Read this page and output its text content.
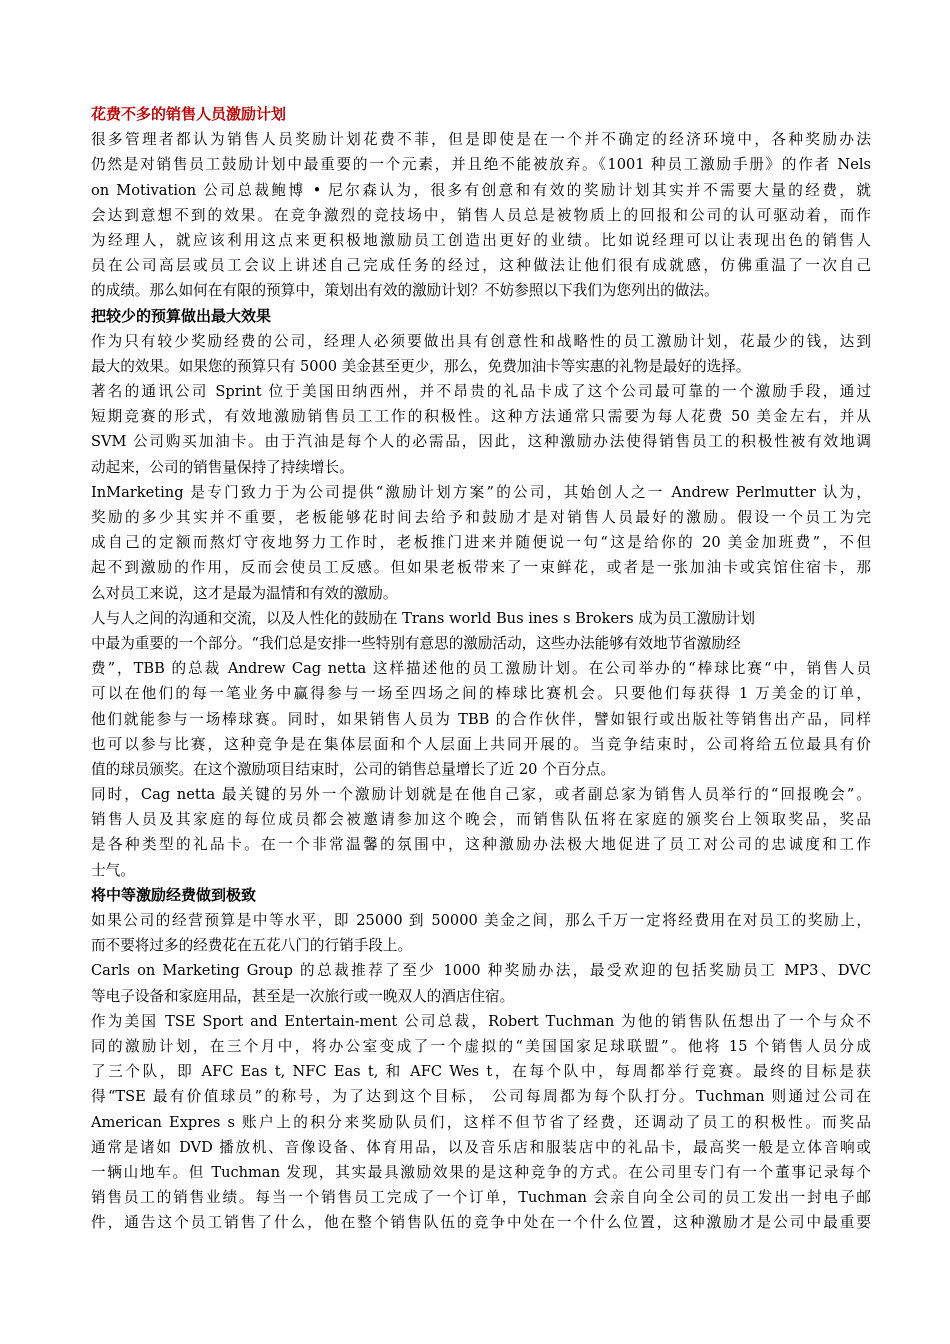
花费不多的销售人员激励计划
很多管理者都认为销售人员奖励计划花费不菲，但是即使是在一个并不确定的经济环境中，各种奖励办法
仍然是对销售员工鼓励计划中最重要的一个元素，并且绝不能被放弃。《1001 种员工激励手册》的作者 Nels
on Motivation 公司总裁鲍博 • 尼尔森认为，很多有创意和有效的奖励计划其实并不需要大量的经费，就
会达到意想不到的效果。在竞争激烈的竞技场中，销售人员总是被物质上的回报和公司的认可驱动着，而作
为经理人，就应该利用这点来更积极地激励员工创造出更好的业绩。比如说经理可以让表现出色的销售人
员在公司高层或员工会议上讲述自己完成任务的经过，这种做法让他们很有成就感，仿佛重温了一次自己
的成绩。那么如何在有限的预算中，策划出有效的激励计划？不妨参照以下我们为您列出的做法。
把较少的预算做出最大效果
作为只有较少奖励经费的公司，经理人必须要做出具有创意性和战略性的员工激励计划，花最少的钱，达到
最大的效果。如果您的预算只有 5000 美金甚至更少，那么，免费加油卡等实惠的礼物是最好的选择。
著名的通讯公司 Sprint 位于美国田纳西州，并不昂贵的礼品卡成了这个公司最可靠的一个激励手段，通过
短期竞赛的形式，有效地激励销售员工工作的积极性。这种方法通常只需要为每人花费 50 美金左右，并从
SVM 公司购买加油卡。由于汽油是每个人的必需品，因此，这种激励办法使得销售员工的积极性被有效地调
动起来，公司的销售量保持了持续增长。
InMarketing 是专门致力于为公司提供“激励计划方案”的公司，其始创人之一 Andrew Perlmutter 认为，
奖励的多少其实并不重要，老板能够花时间去给予和鼓励才是对销售人员最好的激励。假设一个员工为完
成自己的定额而熬灯守夜地努力工作时，老板推门进来并随便说一句“这是给你的 20 美金加班费”，不但
起不到激励的作用，反而会使员工反感。但如果老板带来了一束鲜花，或者是一张加油卡或宾馆住宿卡，那
么对员工来说，这才是最为温情和有效的激励。
人与人之间的沟通和交流，以及人性化的鼓励在 Trans world Bus ines s Brokers 成为员工激励计划
中最为重要的一个部分。“我们总是安排一些特别有意思的激励活动，这些办法能够有效地节省激励经
费”，TBB 的总裁 Andrew Cag netta 这样描述他的员工激励计划。在公司举办的“棒球比赛“中，销售人员
可以在他们的每一笔业务中赢得参与一场至四场之间的棒球比赛机会。只要他们每获得 1 万美金的订单，
他们就能参与一场棒球赛。同时，如果销售人员为 TBB 的合作伙伴，譬如银行或出版社等销售出产品，同样
也可以参与比赛，这种竞争是在集体层面和个人层面上共同开展的。当竞争结束时，公司将给五位最具有价
值的球员颁奖。在这个激励项目结束时，公司的销售总量增长了近 20 个百分点。
同时，Cag netta 最关键的另外一个激励计划就是在他自己家，或者副总家为销售人员举行的“回报晚会”。
销售人员及其家庭的每位成员都会被邀请参加这个晚会，而销售队伍将在家庭的颁奖台上领取奖品，奖品
是各种类型的礼品卡。在一个非常温馨的氛围中，这种激励办法极大地促进了员工对公司的忠诚度和工作
士气。
将中等激励经费做到极致
如果公司的经营预算是中等水平，即 25000 到 50000 美金之间，那么千万一定将经费用在对员工的奖励上，
而不要将过多的经费花在五花八门的行销手段上。
Carls on Marketing Group 的总裁推荐了至少 1000 种奖励办法，最受欢迎的包括奖励员工 MP3、DVC
等电子设备和家庭用品，甚至是一次旅行或一晚双人的酒店住宿。
作为美国 TSE Sport and Entertain-ment 公司总裁，Robert Tuchman 为他的销售队伍想出了一个与众不
同的激励计划，在三个月中，将办公室变成了一个虚拟的“美国国家足球联盟”。他将 15 个销售人员分成
了三个队，即 AFC Eas t, NFC Eas t, 和 AFC Wes t，在每个队中，每周都举行竞赛。最终的目标是获
得“TSE 最有价值球员”的称号，为了达到这个目标， 公司每周都为每个队打分。Tuchman 则通过公司在
American Expres s 账户上的积分来奖励队员们，这样不但节省了经费，还调动了员工的积极性。而奖品
通常是诸如 DVD 播放机、音像设备、体育用品，以及音乐店和服装店中的礼品卡，最高奖一般是立体音响或
一辆山地车。但 Tuchman 发现，其实最具激励效果的是这种竞争的方式。在公司里专门有一个董事记录每个
销售员工的销售业绩。每当一个销售员工完成了一个订单，Tuchman 会亲自向全公司的员工发出一封电子邮
件，通告这个员工销售了什么，他在整个销售队伍的竞争中处在一个什么位置，这种激励才是公司中最重要
